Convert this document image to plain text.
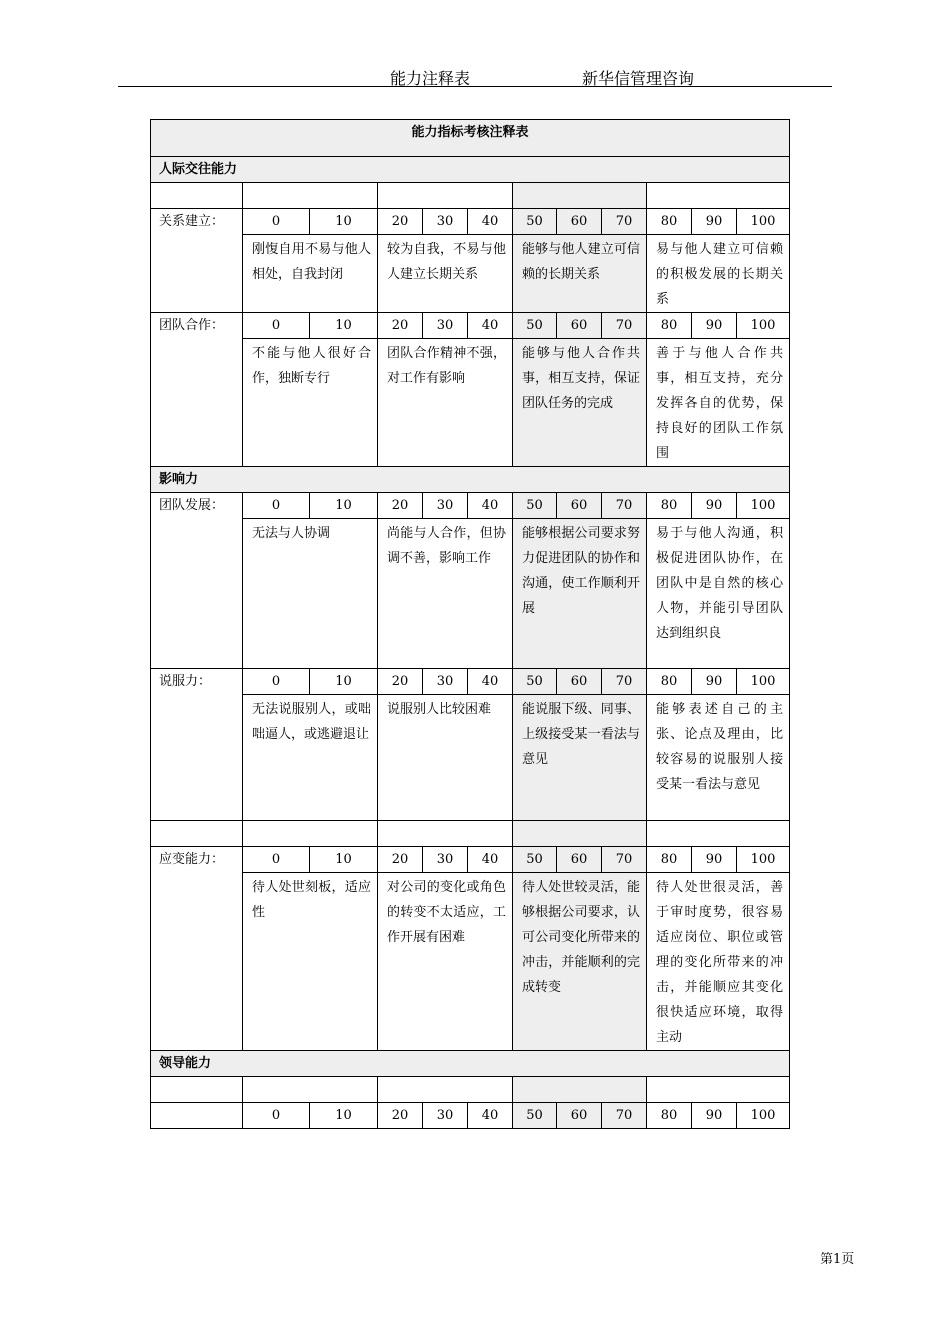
能力注释表	新华信管理咨询
能力指标考核注释表											
人际交往能力											

关系建立：	0	10	20	30	40	50	60	70	80	90	100
	刚愎自用不易与他人相处，自我封闭		较为自我，不易与他人建立长期关系			能够与他人建立可信赖的长期关系			易与他人建立可信赖的积极发展的长期关系		
团队合作：	0	10	20	30	40	50	60	70	80	90	100
	不能与他人很好合作，独断专行		团队合作精神不强，对工作有影响			能够与他人合作共事，相互支持，保证团队任务的完成			善于与他人合作共事，相互支持，充分发挥各自的优势，保持良好的团队工作氛围		
影响力											
团队发展：	0	10	20	30	40	50	60	70	80	90	100
	无法与人协调		尚能与人合作，但协调不善，影响工作			能够根据公司要求努力促进团队的协作和沟通，使工作顺利开展			易于与他人沟通，积极促进团队协作，在团队中是自然的核心人物，并能引导团队达到组织良		
说服力：	0	10	20	30	40	50	60	70	80	90	100
	无法说服别人，或咄咄逼人，或逃避退让		说服别人比较困难			能说服下级、同事、上级接受某一看法与意见			能够表述自己的主张、论点及理由，比较容易的说服别人接受某一看法与意见		

应变能力：	0	10	20	30	40	50	60	70	80	90	100
	待人处世刻板，适应性		对公司的变化或角色的转变不太适应，工作开展有困难			待人处世较灵活，能够根据公司要求，认可公司变化所带来的冲击，并能顺利的完成转变			待人处世很灵活，善于审时度势，很容易适应岗位、职位或管理的变化所带来的冲击，并能顺应其变化很快适应环境，取得主动		
领导能力											

	0	10	20	30	40	50	60	70	80	90	100
第1页
